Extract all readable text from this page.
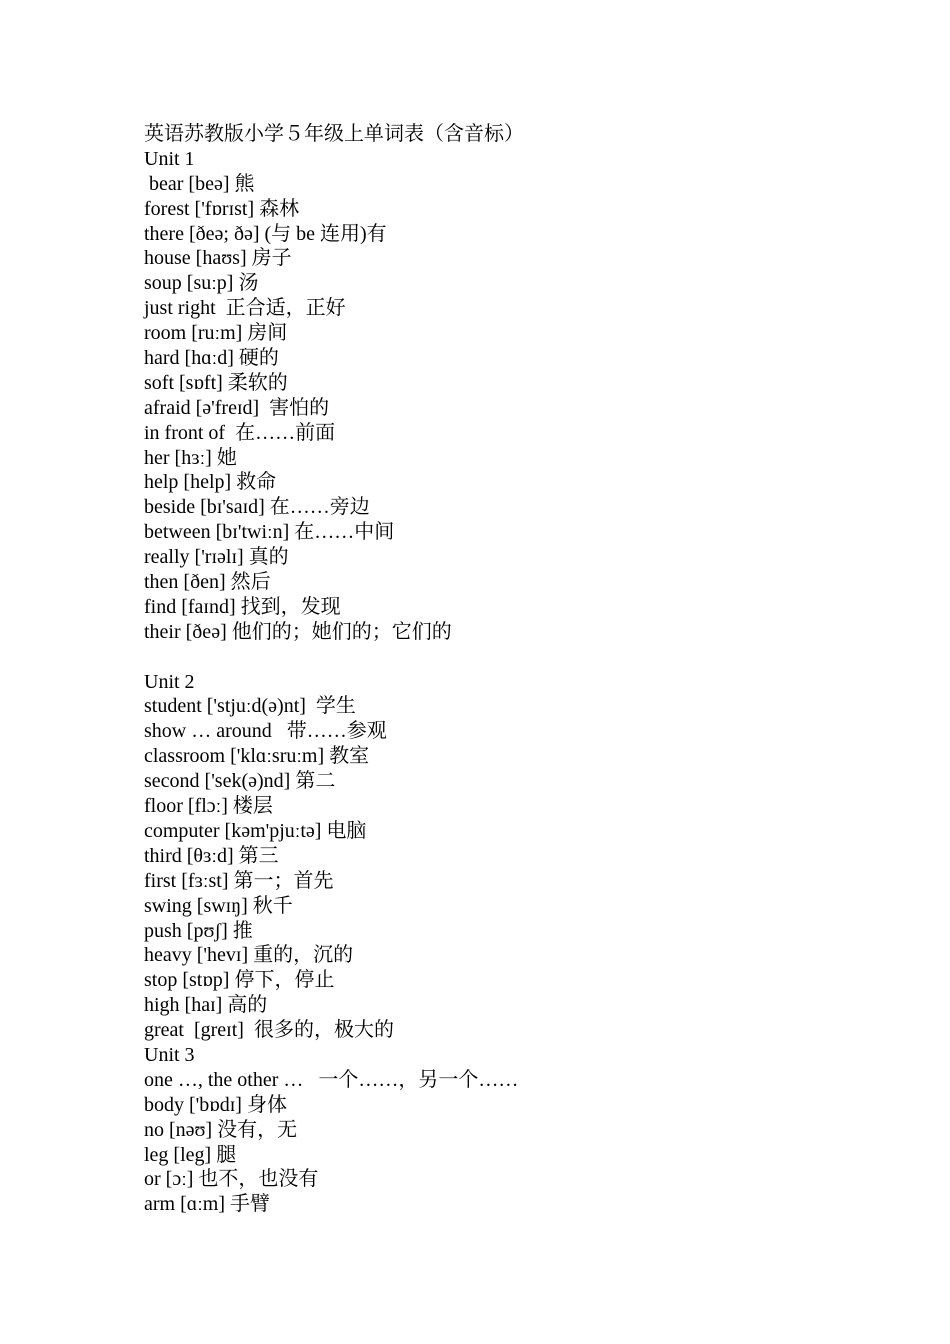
英语苏教版小学５年级上单词表（含音标）
Unit 1
bear [beə] 熊
forest ['fɒrɪst] 森林
there [ðeə; ðə] (与 be 连用)有
house [haʊs] 房子
soup [suːp] 汤
just right  正合适，正好
room [ruːm] 房间
hard [hɑːd] 硬的
soft [sɒft] 柔软的
afraid [ə'freɪd]  害怕的
in front of  在……前面
her [hɜː] 她
help [help] 救命
beside [bɪ'saɪd] 在……旁边
between [bɪ'twiːn] 在……中间
really ['rɪəlɪ] 真的
then [ðen] 然后
find [faɪnd] 找到，发现
their [ðeə] 他们的；她们的；它们的
Unit 2
student ['stjuːd(ə)nt]  学生
show … around   带……参观
classroom ['klɑːsruːm] 教室
second ['sek(ə)nd] 第二
floor [flɔː] 楼层
computer [kəm'pjuːtə] 电脑
third [θɜːd] 第三
first [fɜːst] 第一；首先
swing [swɪŋ] 秋千
push [pʊʃ] 推
heavy ['hevɪ] 重的，沉的
stop [stɒp] 停下，停止
high [haɪ] 高的
great  [greɪt]  很多的，极大的
Unit 3
one …, the other …   一个……，另一个……
body ['bɒdɪ] 身体
no [nəʊ] 没有，无
leg [leg] 腿
or [ɔː] 也不，也没有
arm [ɑːm] 手臂
